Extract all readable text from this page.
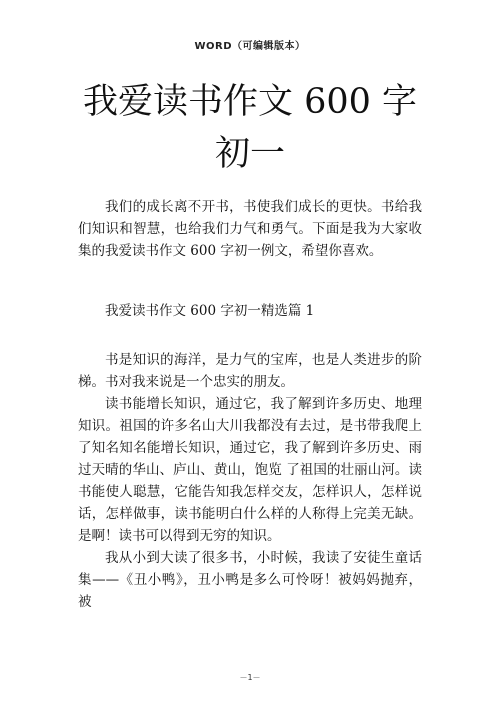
WORD（可编辑版本）
我爱读书作文 600 字
初一

我们的成长离不开书，书使我们成长的更快。书给我们知识和智慧，也给我们力气和勇气。下面是我为大家收集的我爱读书作文 600 字初一例文，希望你喜欢。

我爱读书作文 600 字初一精选篇 1

书是知识的海洋，是力气的宝库，也是人类进步的阶梯。书对我来说是一个忠实的朋友。

读书能增长知识，通过它，我了解到许多历史、地理知识。祖国的许多名山大川我都没有去过，是书带我爬上了知名知名能增长知识，通过它，我了解到许多历史、雨过天晴的华山、庐山、黄山，饱览 了祖国的壮丽山河。读书能使人聪慧，它能告知我怎样交友，怎样识人，怎样说话，怎样做事，读书能明白什么样的人称得上完美无缺。是啊！读书可以得到无穷的知识。

我从小到大读了很多书，小时候，我读了安徒生童话集——《丑小鸭》，丑小鸭是多么可怜呀！被妈妈抛弃，被

－1－
